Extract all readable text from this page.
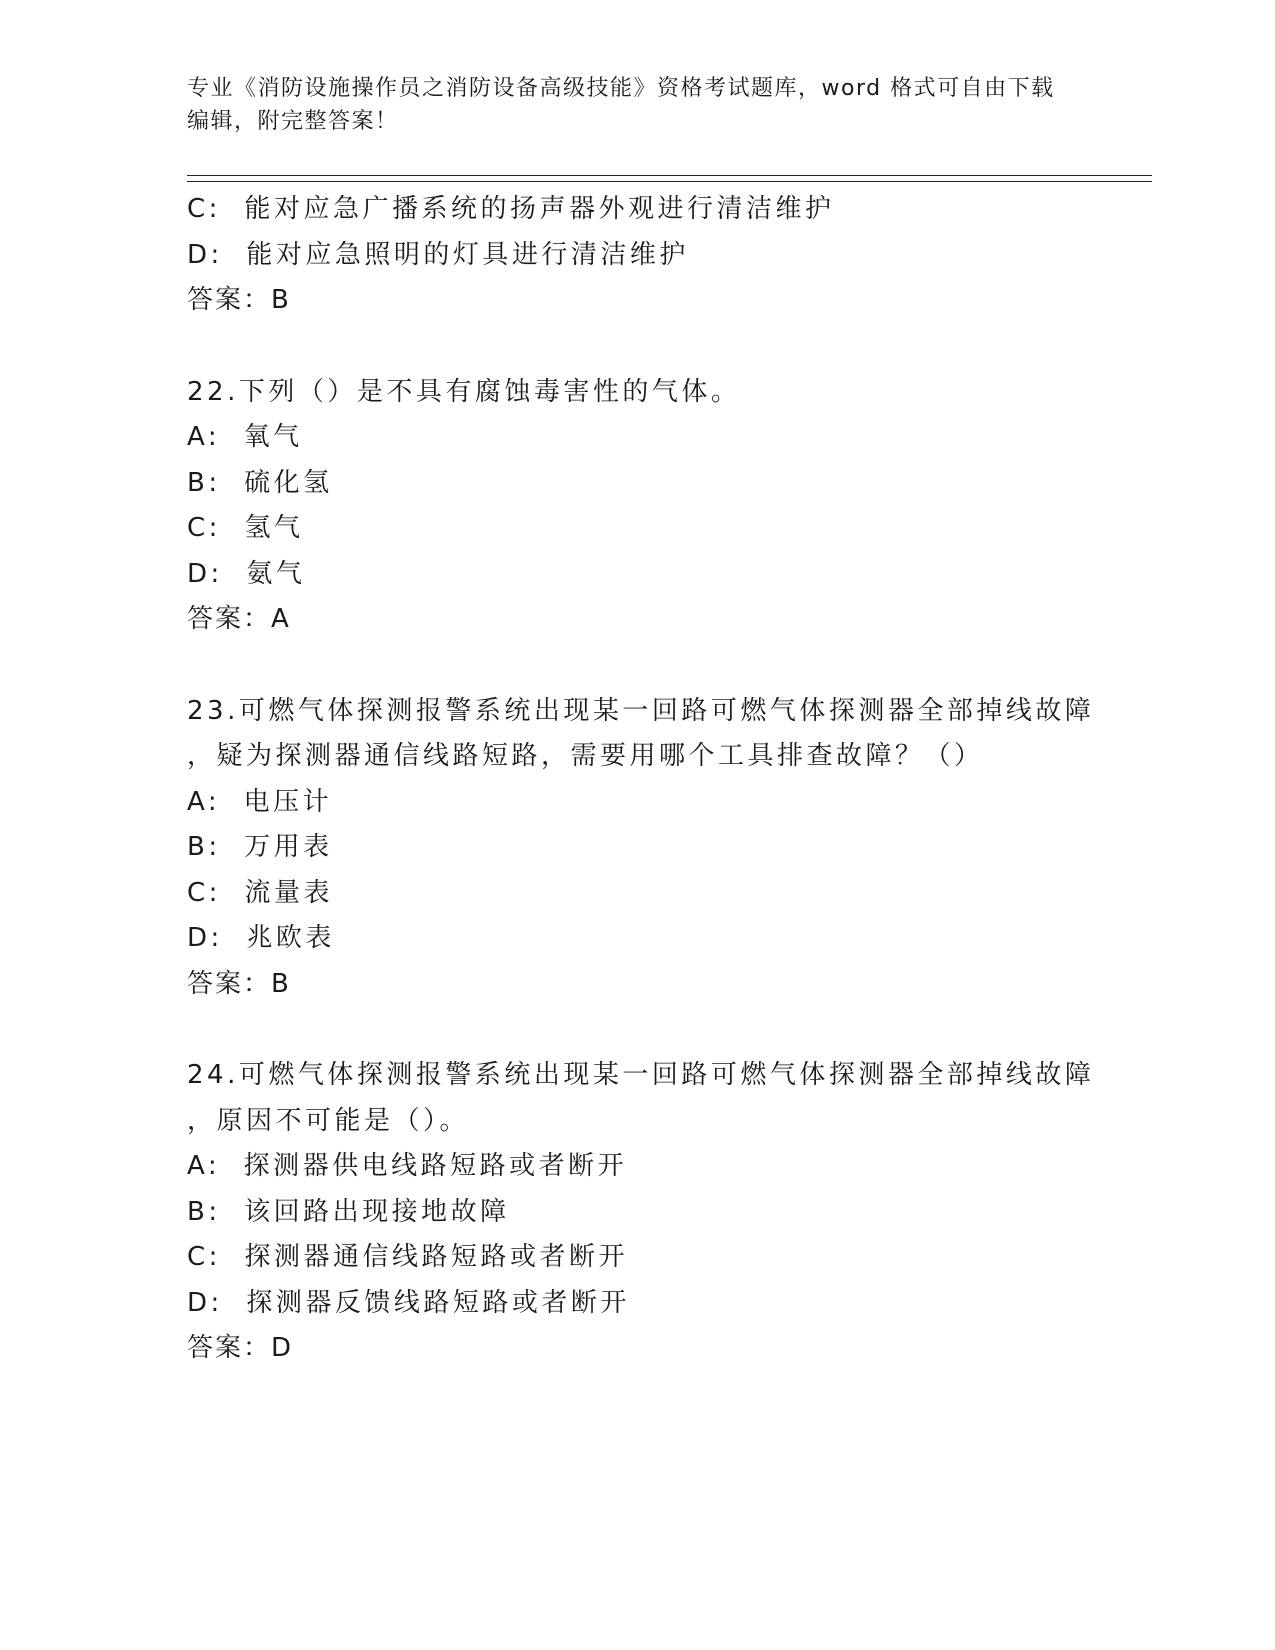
专业《消防设施操作员之消防设备高级技能》资格考试题库，word 格式可自由下载编辑，附完整答案！
C:  能对应急广播系统的扬声器外观进行清洁维护
D:  能对应急照明的灯具进行清洁维护
答案：B
22.下列（）是不具有腐蚀毒害性的气体。
A:  氧气
B:  硫化氢
C:  氢气
D:  氨气
答案：A
23.可燃气体探测报警系统出现某一回路可燃气体探测器全部掉线故障
，疑为探测器通信线路短路，需要用哪个工具排查故障？（）
A:  电压计
B:  万用表
C:  流量表
D:  兆欧表
答案：B
24.可燃气体探测报警系统出现某一回路可燃气体探测器全部掉线故障
，原因不可能是（）。
A:  探测器供电线路短路或者断开
B:  该回路出现接地故障
C:  探测器通信线路短路或者断开
D:  探测器反馈线路短路或者断开
答案：D
